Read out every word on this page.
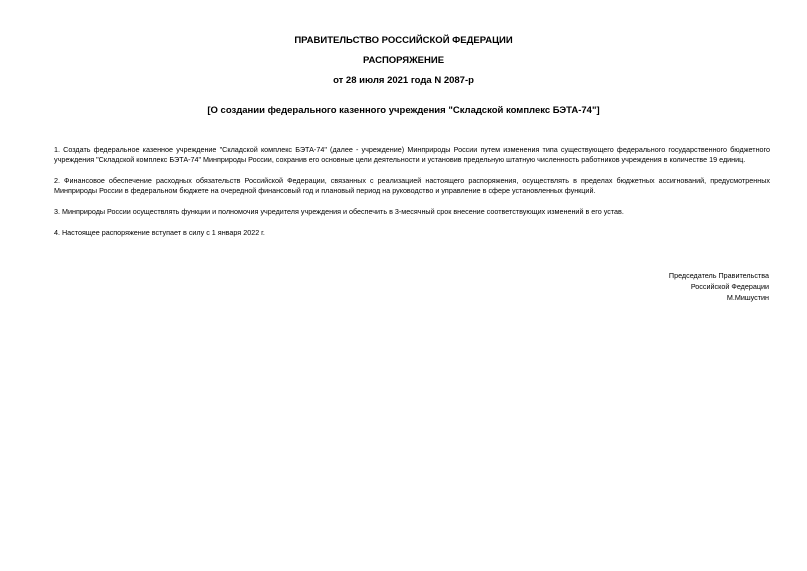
ПРАВИТЕЛЬСТВО РОССИЙСКОЙ ФЕДЕРАЦИИ

РАСПОРЯЖЕНИЕ

от 28 июля 2021 года N 2087-р

[О создании федерального казенного учреждения "Складской комплекс БЭТА-74"]

1. Создать федеральное казенное учреждение "Складской комплекс БЭТА-74" (далее - учреждение) Минприроды России путем изменения типа существующего федерального государственного бюджетного учреждения "Складской комплекс БЭТА-74" Минприроды России, сохранив его основные цели деятельности и установив предельную штатную численность работников учреждения в количестве 19 единиц.

2. Финансовое обеспечение расходных обязательств Российской Федерации, связанных с реализацией настоящего распоряжения, осуществлять в пределах бюджетных ассигнований, предусмотренных Минприроды России в федеральном бюджете на очередной финансовый год и плановый период на руководство и управление в сфере установленных функций.

3. Минприроды России осуществлять функции и полномочия учредителя учреждения и обеспечить в 3-месячный срок внесение соответствующих изменений в его устав.

4. Настоящее распоряжение вступает в силу с 1 января 2022 г.

Председатель Правительства
Российской Федерации
М.Мишустин
